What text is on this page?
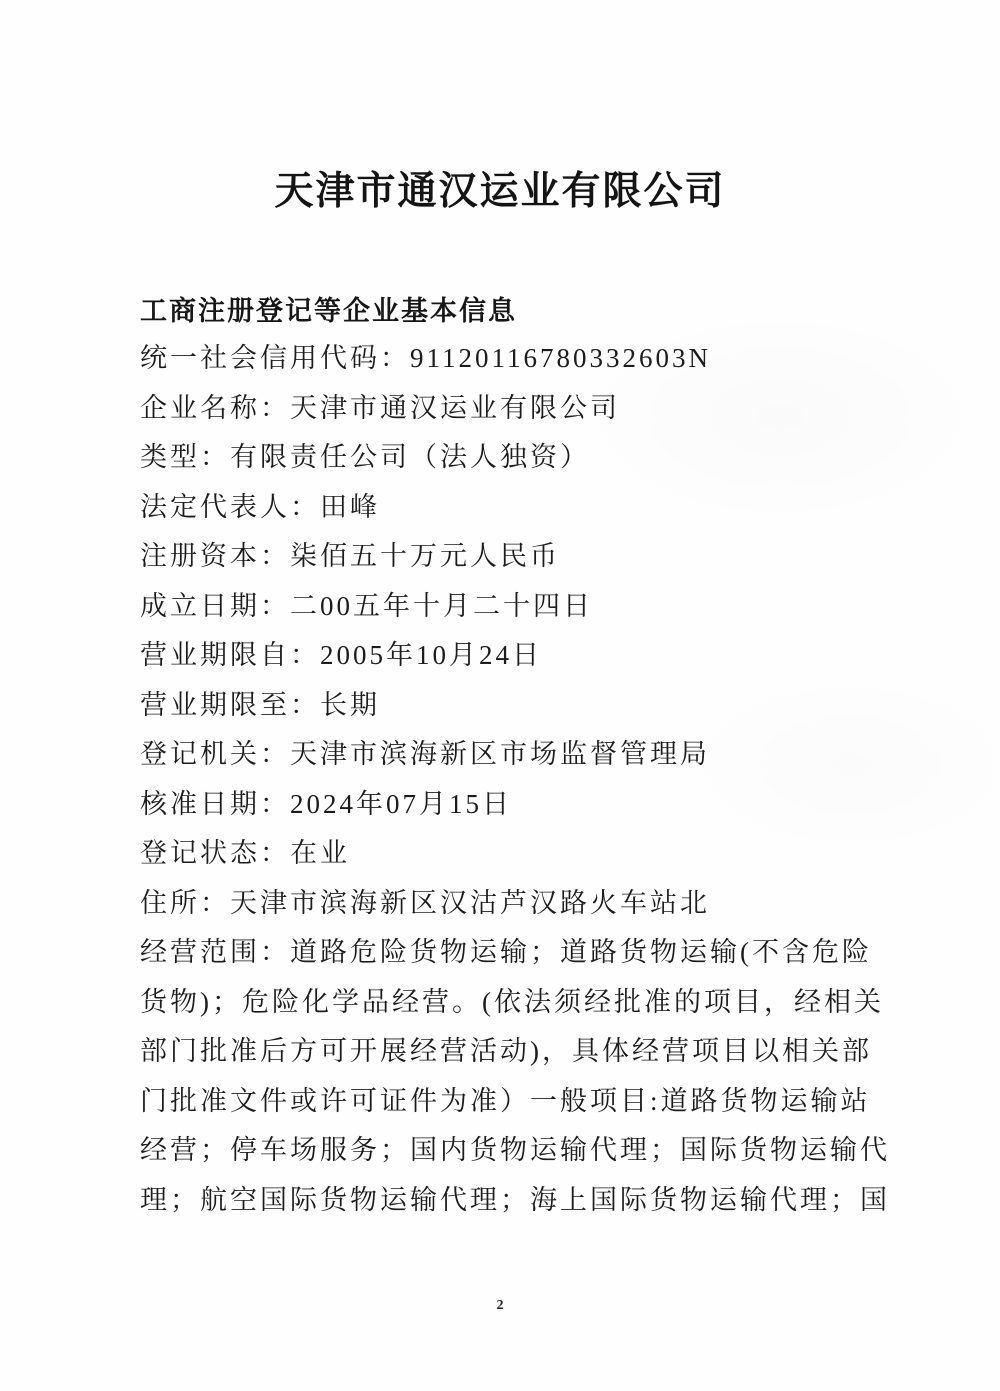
天津市通汉运业有限公司
工商注册登记等企业基本信息
统一社会信用代码：91120116780332603N
企业名称：天津市通汉运业有限公司
类型：有限责任公司（法人独资）
法定代表人：田峰
注册资本：柒佰五十万元人民币
成立日期：二00五年十月二十四日
营业期限自：2005年10月24日
营业期限至：长期
登记机关：天津市滨海新区市场监督管理局
核准日期：2024年07月15日
登记状态：在业
住所：天津市滨海新区汉沽芦汉路火车站北
经营范围：道路危险货物运输；道路货物运输(不含危险
货物)；危险化学品经营。(依法须经批准的项目，经相关
部门批准后方可开展经营活动)，具体经营项目以相关部
门批准文件或许可证件为准）一般项目:道路货物运输站
经营；停车场服务；国内货物运输代理；国际货物运输代
理；航空国际货物运输代理；海上国际货物运输代理；国
2
